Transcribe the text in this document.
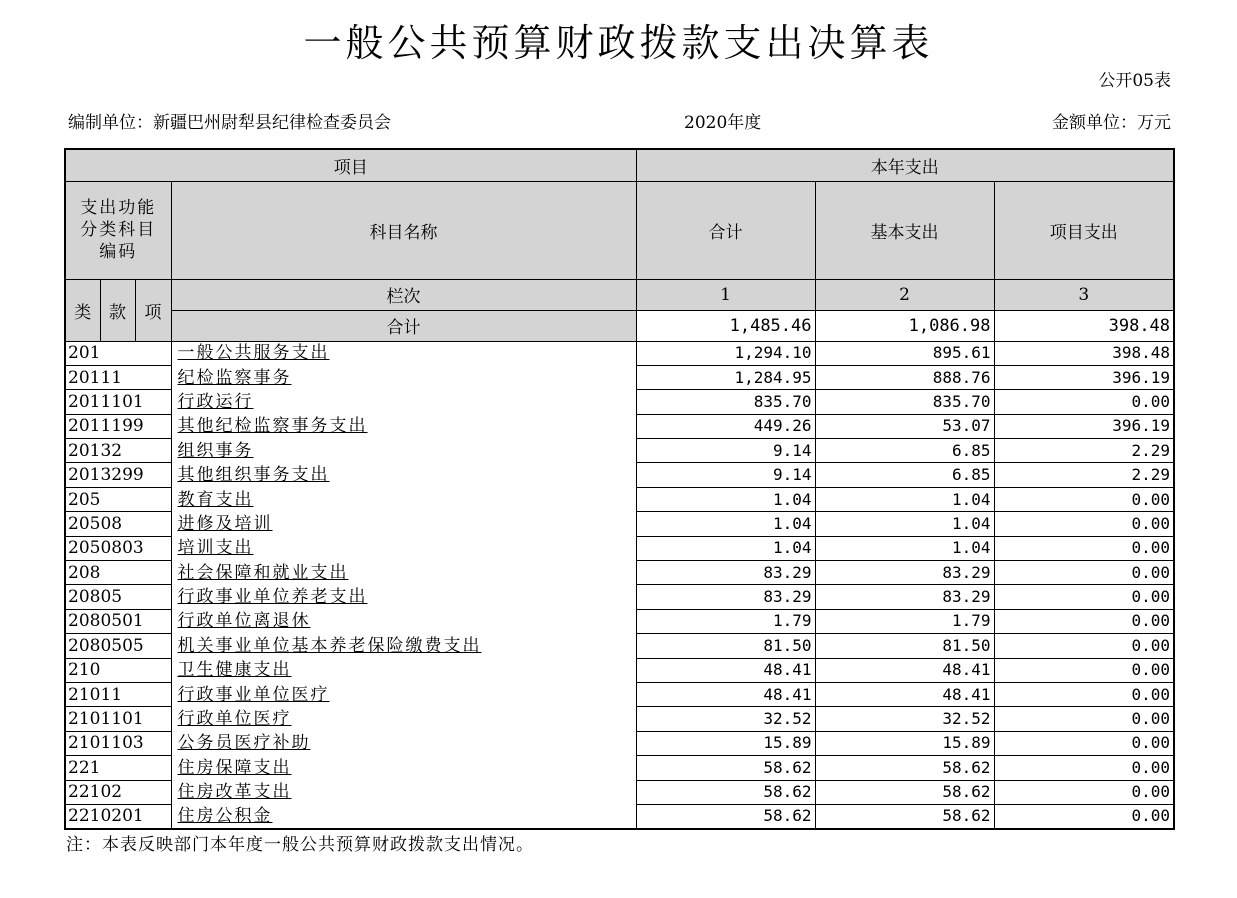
一般公共预算财政拨款支出决算表
公开05表
编制单位：新疆巴州尉犁县纪律检查委员会	2020年度	金额单位：万元
项目				本年支出		

支出功能分类科目编码			科目名称	合计	基本支出	项目支出
类	款	项	栏次	1	2	3
			合计	1,485.46	1,086.98	398.48
201			一般公共服务支出	1,294.10	895.61	398.48
20111			纪检监察事务	1,284.95	888.76	396.19
2011101			行政运行	835.70	835.70	0.00
2011199			其他纪检监察事务支出	449.26	53.07	396.19
20132			组织事务	9.14	6.85	2.29
2013299			其他组织事务支出	9.14	6.85	2.29
205			教育支出	1.04	1.04	0.00
20508			进修及培训	1.04	1.04	0.00
2050803			培训支出	1.04	1.04	0.00
208			社会保障和就业支出	83.29	83.29	0.00
20805			行政事业单位养老支出	83.29	83.29	0.00
2080501			行政单位离退休	1.79	1.79	0.00
2080505			机关事业单位基本养老保险缴费支出	81.50	81.50	0.00
210			卫生健康支出	48.41	48.41	0.00
21011			行政事业单位医疗	48.41	48.41	0.00
2101101			行政单位医疗	32.52	32.52	0.00
2101103			公务员医疗补助	15.89	15.89	0.00
221			住房保障支出	58.62	58.62	0.00
22102			住房改革支出	58.62	58.62	0.00
2210201			住房公积金	58.62	58.62	0.00
注：本表反映部门本年度一般公共预算财政拨款支出情况。
